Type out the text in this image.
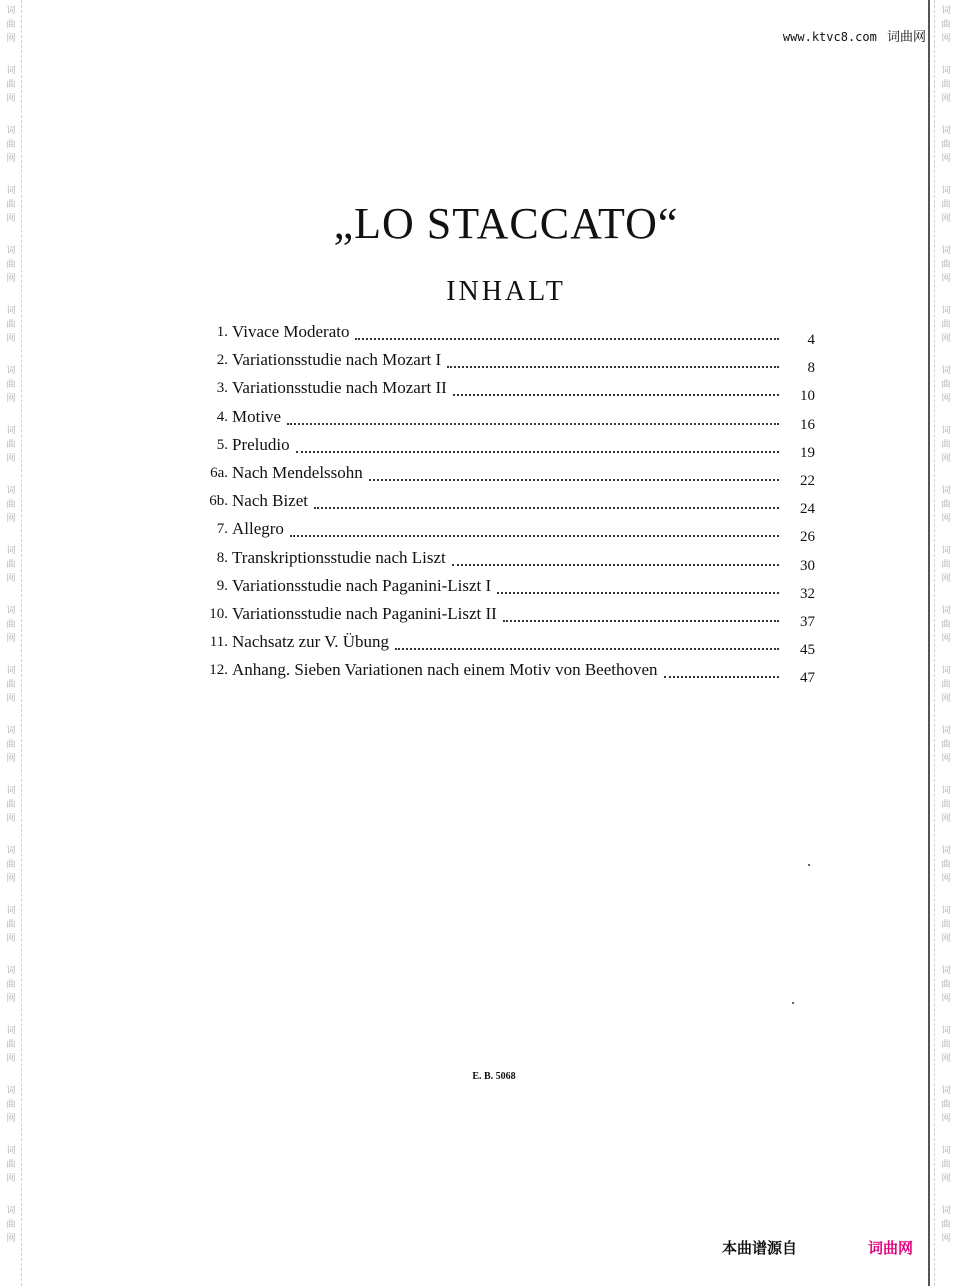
词
曲
网
词
曲
网
词
曲
网
词
曲
网
词
曲
网
词
曲
网
词
曲
网
词
曲
网
词
曲
网
词
曲
网
词
曲
网
词
曲
网
词
曲
网
词
曲
网
词
曲
网
词
曲
网
词
曲
网
词
曲
网
词
曲
网
词
曲
网
词
曲
网
词
曲
网
词
曲
网
词
曲
网
词
曲
网
词
曲
网
词
曲
网
词
曲
网
词
曲
网
词
曲
网
词
曲
网
词
曲
网
词
曲
网
词
曲
网
词
曲
网
词
曲
网
词
曲
网
词
曲
网
词
曲
网
词
曲
网
词
曲
网
词
曲
网
www.ktvc8.com 词曲网
„LO STACCATO“
INHALT
1. Vivace Moderato	4
2. Variationsstudie nach Mozart I	8
3. Variationsstudie nach Mozart II	10
4. Motive	16
5. Preludio	19
6a. Nach Mendelssohn	22
6b. Nach Bizet	24
7. Allegro	26
8. Transkriptionsstudie nach Liszt	30
9. Variationsstudie nach Paganini-Liszt I	32
10. Variationsstudie nach Paganini-Liszt II	37
11. Nachsatz zur V. Übung	45
12. Anhang. Sieben Variationen nach einem Motiv von Beethoven	47
E. B. 5068
本曲谱源自	词曲网
